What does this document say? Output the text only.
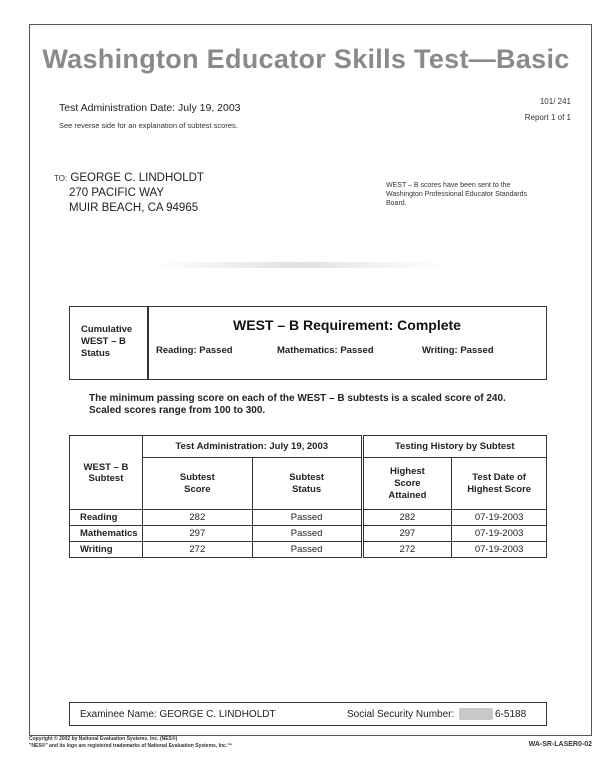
Washington Educator Skills Test—Basic
Test Administration Date: July 19, 2003
See reverse side for an explanation of subtest scores.
101/ 241
Report 1 of 1
TO: GEORGE C. LINDHOLDT
270 PACIFIC WAY
MUIR BEACH, CA 94965
WEST – B scores have been sent to the Washington Professional Educator Standards Board.
Cumulative WEST – B Status
WEST – B Requirement: Complete
Reading: Passed	Mathematics: Passed	Writing: Passed
The minimum passing score on each of the WEST – B subtests is a scaled score of 240.
Scaled scores range from 100 to 300.
WEST – B Subtest	Test Administration: July 19, 2003		Testing History by Subtest	
	Subtest Score	Subtest Status	Highest Score Attained	Test Date of Highest Score
Reading	282	Passed	282	07-19-2003
Mathematics	297	Passed	297	07-19-2003
Writing	272	Passed	272	07-19-2003
Examinee Name: GEORGE C. LINDHOLDT	Social Security Number:	6-5188
Copyright © 2002 by National Evaluation Systems, Inc. (NES®)
"NES®" and its logo are registered trademarks of National Evaluation Systems, Inc.™	WA-SR-LASER0-02
